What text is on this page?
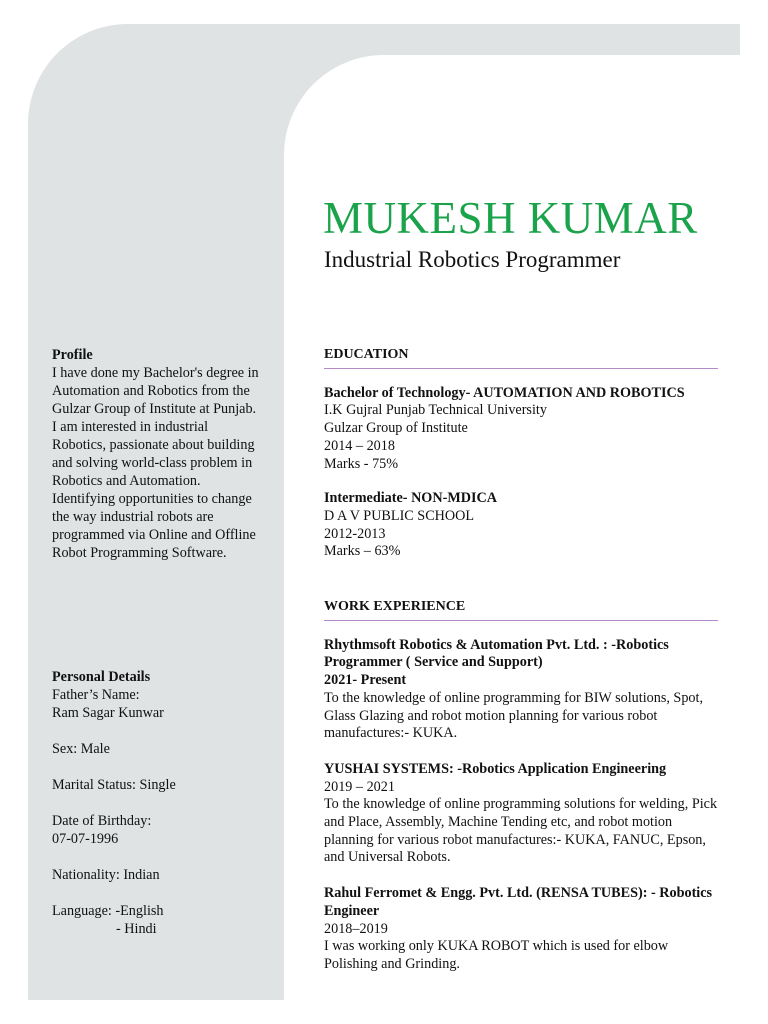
MUKESH KUMAR
Industrial Robotics Programmer

Profile

I have done my Bachelor's degree in Automation and Robotics from the Gulzar Group of Institute at Punjab.
I am interested in industrial Robotics, passionate about building and solving world-class problem in Robotics and Automation. Identifying opportunities to change the way industrial robots are programmed via Online and Offline Robot Programming Software.

Personal Details

Father’s Name:

Ram Sagar Kunwar

Sex: Male

Marital Status: Single

Date of Birthday:

07-07-1996

Nationality: Indian

Language: -English

- Hindi

EDUCATION

Bachelor of Technology- AUTOMATION AND ROBOTICS

I.K Gujral Punjab Technical University

Gulzar Group of Institute

2014 – 2018

Marks - 75%

Intermediate- NON-MDICA

D A V PUBLIC SCHOOL

2012-2013

Marks – 63%

WORK EXPERIENCE

Rhythmsoft Robotics & Automation Pvt. Ltd. : -Robotics Programmer ( Service and Support)

2021- Present

To the knowledge of online programming for BIW solutions, Spot, Glass Glazing and robot motion planning for various robot manufactures:- KUKA.

YUSHAI SYSTEMS: -Robotics Application Engineering

2019 – 2021

To the knowledge of online programming solutions for welding, Pick and Place, Assembly, Machine Tending etc, and robot motion planning for various robot manufactures:- KUKA, FANUC, Epson, and Universal Robots.

Rahul Ferromet & Engg. Pvt. Ltd. (RENSA TUBES): - Robotics Engineer

2018–2019

I was working only KUKA ROBOT which is used for elbow Polishing and Grinding.
